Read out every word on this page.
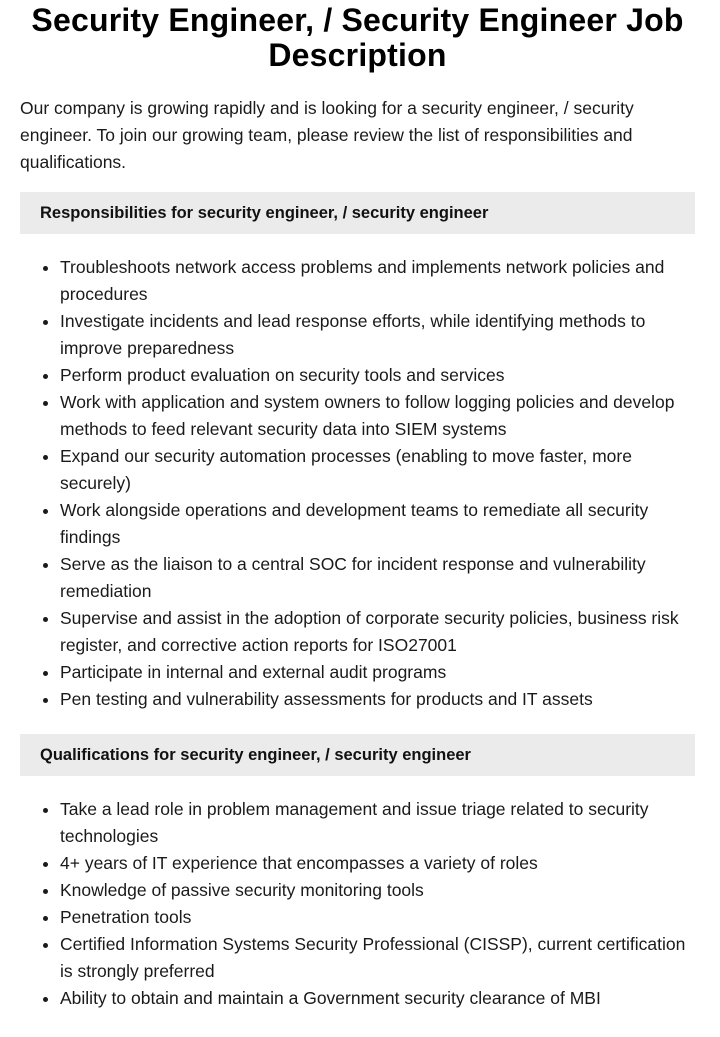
Security Engineer, / Security Engineer Job Description

Our company is growing rapidly and is looking for a security engineer, / security engineer. To join our growing team, please review the list of responsibilities and qualifications.

Responsibilities for security engineer, / security engineer
Troubleshoots network access problems and implements network policies and procedures
Investigate incidents and lead response efforts, while identifying methods to improve preparedness
Perform product evaluation on security tools and services
Work with application and system owners to follow logging policies and develop methods to feed relevant security data into SIEM systems
Expand our security automation processes (enabling to move faster, more securely)
Work alongside operations and development teams to remediate all security findings
Serve as the liaison to a central SOC for incident response and vulnerability remediation
Supervise and assist in the adoption of corporate security policies, business risk register, and corrective action reports for ISO27001
Participate in internal and external audit programs
Pen testing and vulnerability assessments for products and IT assets
Qualifications for security engineer, / security engineer
Take a lead role in problem management and issue triage related to security technologies
4+ years of IT experience that encompasses a variety of roles
Knowledge of passive security monitoring tools
Penetration tools
Certified Information Systems Security Professional (CISSP), current certification is strongly preferred
Ability to obtain and maintain a Government security clearance of MBI
